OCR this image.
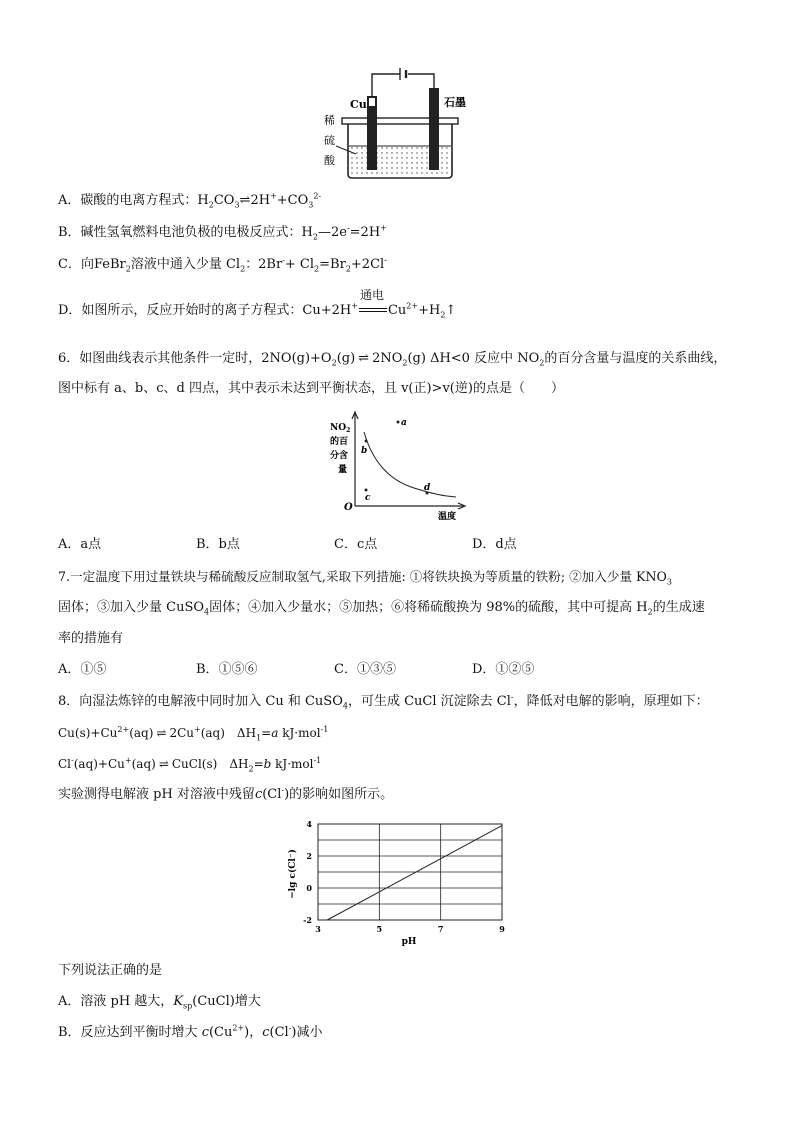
Cu	石墨
稀
硫
酸
A．碳酸的电离方程式：$H_2CO_3\rightleftharpoons 2H^++CO_3^{2-}$
B．碱性氢氧燃料电池负极的电极反应式：$H_2—2e^-=2H^+$
C．向FeBr$_2$溶液中通入少量 $Cl_2$：$2Br^-+ Cl_2=Br_2+2Cl^-$
D．如图所示，反应开始时的离子方程式：Cu+2H+
通电
$Cu^{2+}+H_2↑$
6．如图曲线表示其他条件一定时，$2NO(g)+O_2(g)$ ⇌ $2NO_2(g)$ ΔH<0 反应中 $NO_2$的百分含量与温度的关系曲线，
图中标有 a、b、c、d 四点，其中表示未达到平衡状态，且 v(正)>v(逆)的点是（　　）
$NO_2$
的百
分含
量
O
温度
a
b
c
d
A．a点	B．b点	C．c点	D．d点
7.一定温度下用过量铁块与稀硫酸反应制取氢气,采取下列措施: ①将铁块换为等质量的铁粉; ②加入少量 $KNO_3$
固体；③加入少量 CuSO$_4$固体；④加入少量水；⑤加热；⑥将稀硫酸换为 98%的硫酸，其中可提高 $H_2$的生成速
率的措施有
A．①⑤	B．①⑤⑥	C．①③⑤	D．①②⑤
8．向湿法炼锌的电解液中同时加入 Cu 和 CuSO$_4$，可生成 CuCl 沉淀除去 Cl-，降低对电解的影响，原理如下：
$Cu(s)+Cu^{2+}(aq)$ ⇌ 2Cu+(aq)　$\Delta H_1=a$ kJ·mol$^{-1}$
Cl-(aq)+Cu+(aq) ⇌ CuCl(s)　$\Delta H_2=b$ kJ·mol$^{-1}$
实验测得电解液 pH 对溶液中残留c(Cl-)的影响如图所示。
3	5	7	9
-2
0
2
4
−lg c(Cl⁻)
pH
下列说法正确的是
A．溶液 pH 越大，$K_{sp}(CuCl)$增大
B．反应达到平衡时增大 $c(Cu^{2+})$，c(Cl-)减小
